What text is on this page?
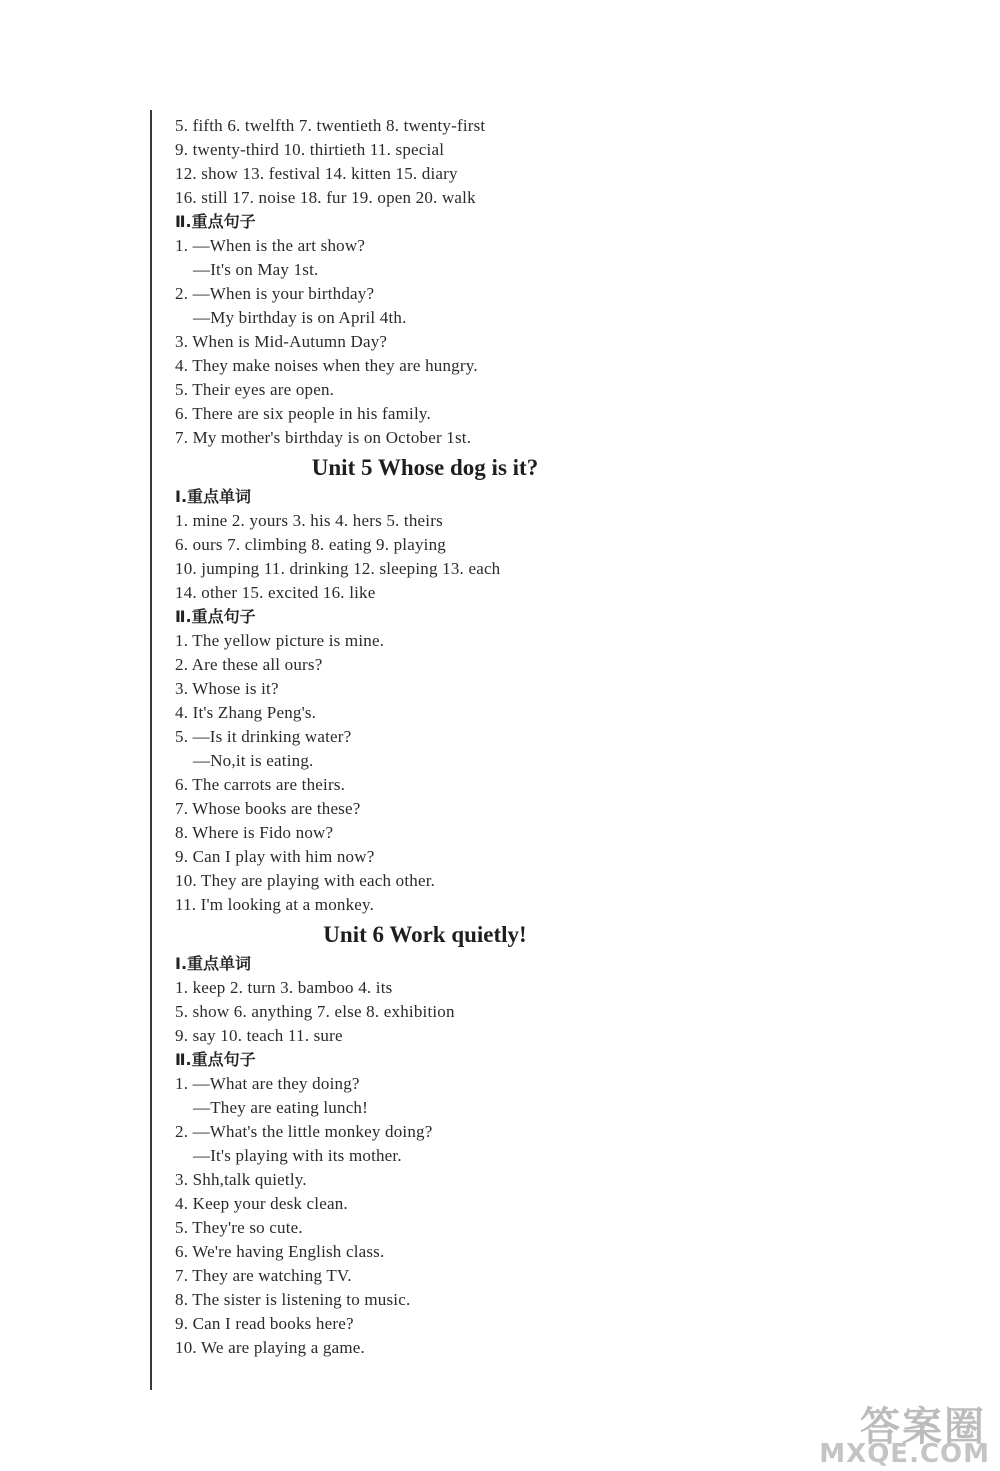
5. fifth 6. twelfth 7. twentieth 8. twenty-first
9. twenty-third 10. thirtieth 11. special
12. show 13. festival 14. kitten 15. diary
16. still 17. noise 18. fur 19. open 20. walk
Ⅱ.重点句子
1. —When is the art show?
—It's on May 1st.
2. —When is your birthday?
—My birthday is on April 4th.
3. When is Mid-Autumn Day?
4. They make noises when they are hungry.
5. Their eyes are open.
6. There are six people in his family.
7. My mother's birthday is on October 1st.
Unit 5 Whose dog is it?
Ⅰ.重点单词
1. mine 2. yours 3. his 4. hers 5. theirs
6. ours 7. climbing 8. eating 9. playing
10. jumping 11. drinking 12. sleeping 13. each
14. other 15. excited 16. like
Ⅱ.重点句子
1. The yellow picture is mine.
2. Are these all ours?
3. Whose is it?
4. It's Zhang Peng's.
5. —Is it drinking water?
—No,it is eating.
6. The carrots are theirs.
7. Whose books are these?
8. Where is Fido now?
9. Can I play with him now?
10. They are playing with each other.
11. I'm looking at a monkey.
Unit 6 Work quietly!
Ⅰ.重点单词
1. keep 2. turn 3. bamboo 4. its
5. show 6. anything 7. else 8. exhibition
9. say 10. teach 11. sure
Ⅱ.重点句子
1. —What are they doing?
—They are eating lunch!
2. —What's the little monkey doing?
—It's playing with its mother.
3. Shh,talk quietly.
4. Keep your desk clean.
5. They're so cute.
6. We're having English class.
7. They are watching TV.
8. The sister is listening to music.
9. Can I read books here?
10. We are playing a game.
答案圈
MXQE.COM
